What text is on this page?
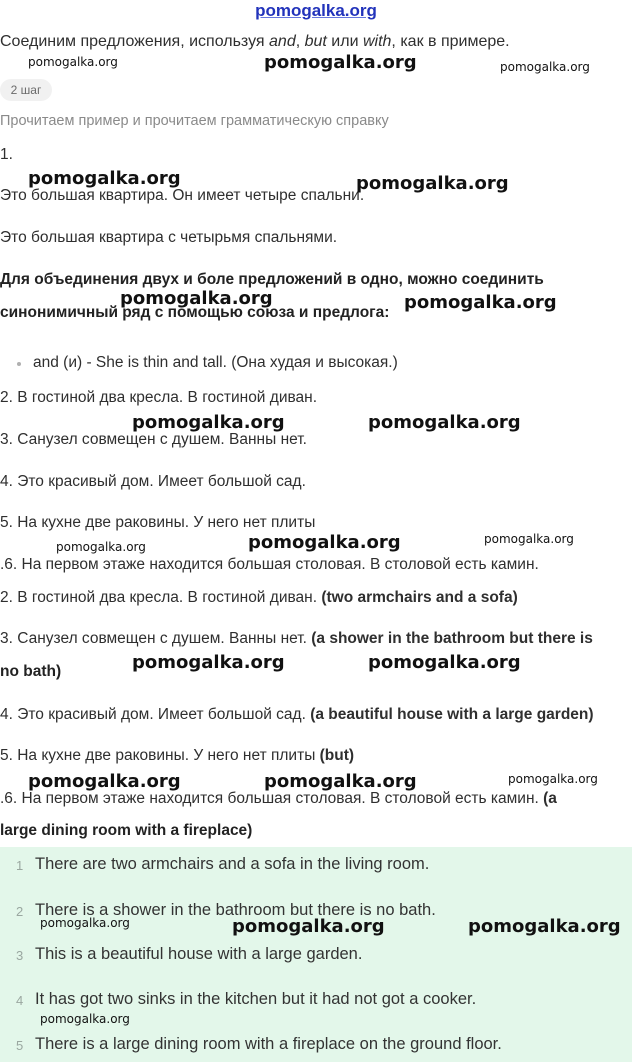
pomogalka.org
Соединим предложения, используя and, but или with, как в примере.
2 шаг
Прочитаем пример и прочитаем грамматическую справку
1.
Это большая квартира. Он имеет четыре спальни.
Это большая квартира с четырьмя спальнями.
Для объединения двух и боле предложений в одно, можно соединить
синонимичный ряд с помощью союза и предлога:
and (и) - She is thin and tall. (Она худая и высокая.)
2. В гостиной два кресла. В гостиной диван.
3. Санузел совмещен с душем. Ванны нет.
4. Это красивый дом. Имеет большой сад.
5. На кухне две раковины. У него нет плиты
.6. На первом этаже находится большая столовая. В столовой есть камин.
2. В гостиной два кресла. В гостиной диван. (two armchairs and a sofa)
3. Санузел совмещен с душем. Ванны нет. (a shower in the bathroom but there is
no bath)
4. Это красивый дом. Имеет большой сад. (a beautiful house with a large garden)
5. На кухне две раковины. У него нет плиты (but)
.6. На первом этаже находится большая столовая. В столовой есть камин. (a
large dining room with a fireplace)
1 There are two armchairs and a sofa in the living room.
2 There is a shower in the bathroom but there is no bath.
3 This is a beautiful house with a large garden.
4 It has got two sinks in the kitchen but it had not got a cooker.
5 There is a large dining room with a fireplace on the ground floor.
pomogalka.org	pomogalka.org	pomogalka.org
pomogalka.org	pomogalka.org
pomogalka.org	pomogalka.org
pomogalka.org	pomogalka.org
pomogalka.org	pomogalka.org	pomogalka.org
pomogalka.org	pomogalka.org
pomogalka.org	pomogalka.org	pomogalka.org
pomogalka.org	pomogalka.org	pomogalka.org
pomogalka.org
